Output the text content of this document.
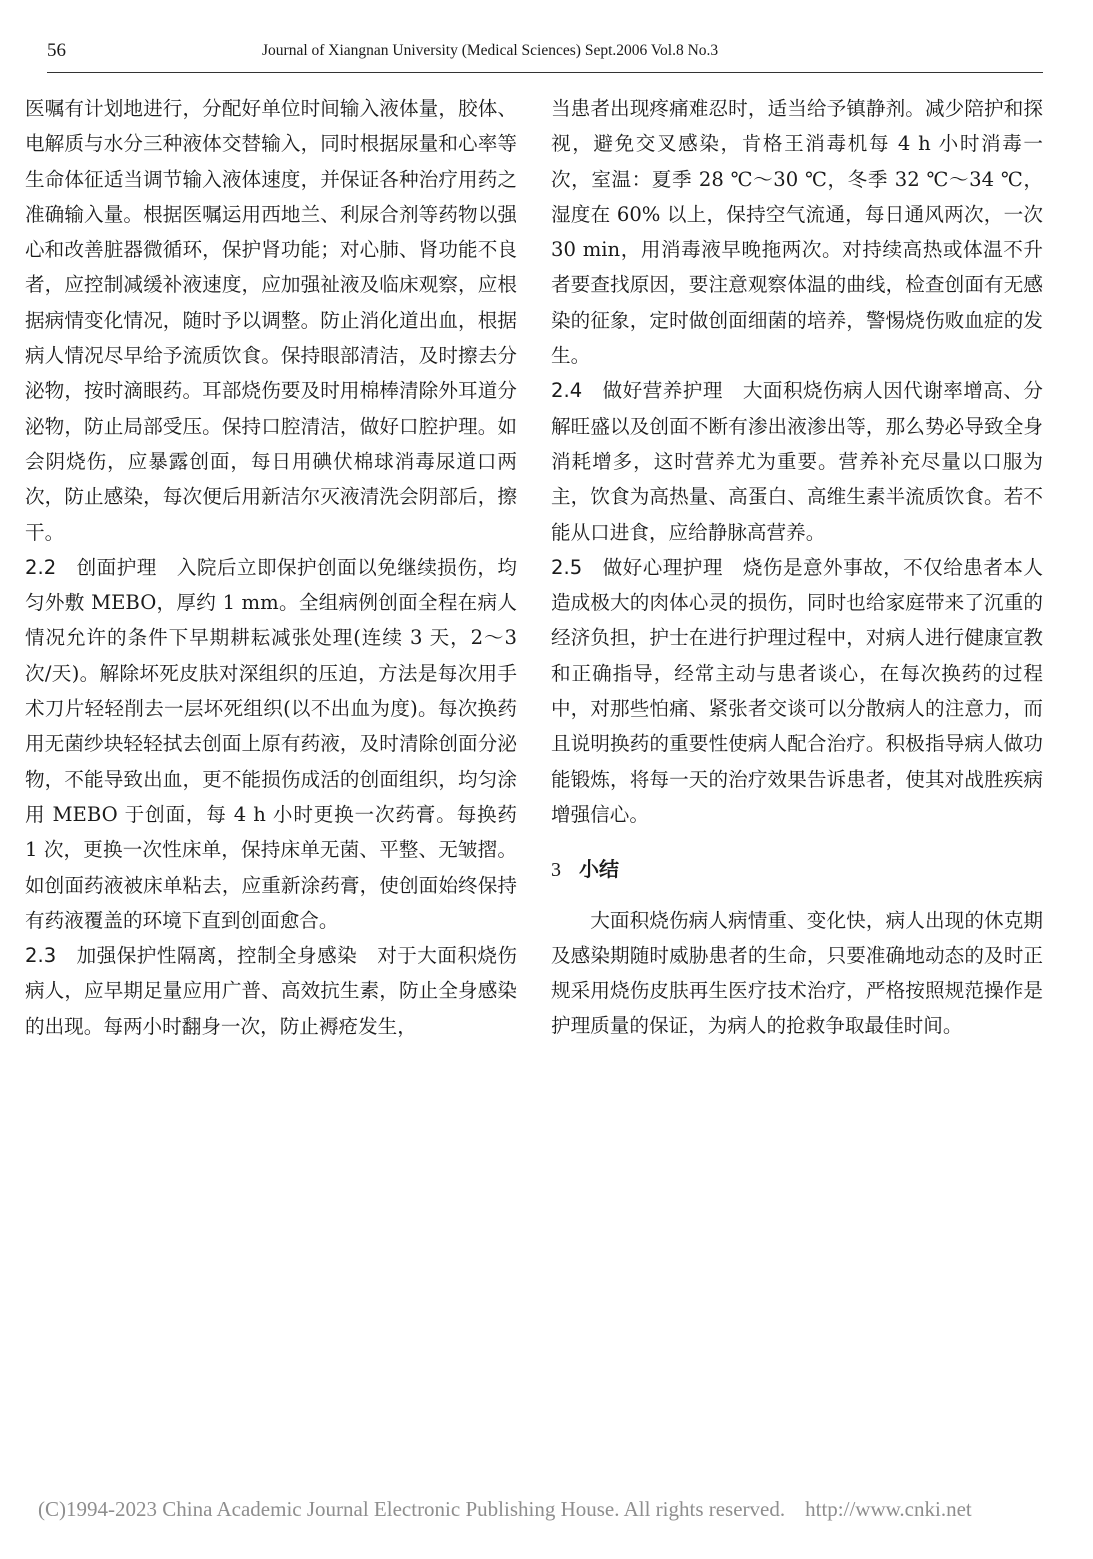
56	Journal of Xiangnan University (Medical Sciences) Sept.2006 Vol.8 No.3

医嘱有计划地进行，分配好单位时间输入液体量，胶体、电解质与水分三种液体交替输入，同时根据尿量和心率等生命体征适当调节输入液体速度，并保证各种治疗用药之准确输入量。根据医嘱运用西地兰、利尿合剂等药物以强心和改善脏器微循环，保护肾功能；对心肺、肾功能不良者，应控制减缓补液速度，应加强祉液及临床观察，应根据病情变化情况，随时予以调整。防止消化道出血，根据病人情况尽早给予流质饮食。保持眼部清洁，及时擦去分泌物，按时滴眼药。耳部烧伤要及时用棉棒清除外耳道分泌物，防止局部受压。保持口腔清洁，做好口腔护理。如会阴烧伤，应暴露创面，每日用碘伏棉球消毒尿道口两次，防止感染，每次便后用新洁尔灭液清洗会阴部后，擦干。

2.2　创面护理　入院后立即保护创面以免继续损伤，均匀外敷 MEBO，厚约 1 mm。全组病例创面全程在病人情况允许的条件下早期耕耘减张处理(连续 3 天，2～3 次/天)。解除坏死皮肤对深组织的压迫，方法是每次用手术刀片轻轻削去一层坏死组织(以不出血为度)。每次换药用无菌纱块轻轻拭去创面上原有药液，及时清除创面分泌物，不能导致出血，更不能损伤成活的创面组织，均匀涂用 MEBO 于创面，每 4 h 小时更换一次药膏。每换药 1 次，更换一次性床单，保持床单无菌、平整、无皱摺。如创面药液被床单粘去，应重新涂药膏，使创面始终保持有药液覆盖的环境下直到创面愈合。

2.3　加强保护性隔离，控制全身感染　对于大面积烧伤病人，应早期足量应用广普、高效抗生素，防止全身感染的出现。每两小时翻身一次，防止褥疮发生，

当患者出现疼痛难忍时，适当给予镇静剂。减少陪护和探视，避免交叉感染，肯格王消毒机每 4 h 小时消毒一次，室温：夏季 28 ℃～30 ℃，冬季 32 ℃～34 ℃，湿度在 60% 以上，保持空气流通，每日通风两次，一次 30 min，用消毒液早晚拖两次。对持续高热或体温不升者要查找原因，要注意观察体温的曲线，检查创面有无感染的征象，定时做创面细菌的培养，警惕烧伤败血症的发生。

2.4　做好营养护理　大面积烧伤病人因代谢率增高、分解旺盛以及创面不断有渗出液渗出等，那么势必导致全身消耗增多，这时营养尤为重要。营养补充尽量以口服为主，饮食为高热量、高蛋白、高维生素半流质饮食。若不能从口进食，应给静脉高营养。

2.5　做好心理护理　烧伤是意外事故，不仅给患者本人造成极大的肉体心灵的损伤，同时也给家庭带来了沉重的经济负担，护士在进行护理过程中，对病人进行健康宣教和正确指导，经常主动与患者谈心，在每次换药的过程中，对那些怕痛、紧张者交谈可以分散病人的注意力，而且说明换药的重要性使病人配合治疗。积极指导病人做功能锻炼，将每一天的治疗效果告诉患者，使其对战胜疾病增强信心。

3 小结

大面积烧伤病人病情重、变化快，病人出现的休克期及感染期随时威胁患者的生命，只要准确地动态的及时正规采用烧伤皮肤再生医疗技术治疗，严格按照规范操作是护理质量的保证，为病人的抢救争取最佳时间。

(C)1994-2023 China Academic Journal Electronic Publishing House. All rights reserved. http://www.cnki.net
